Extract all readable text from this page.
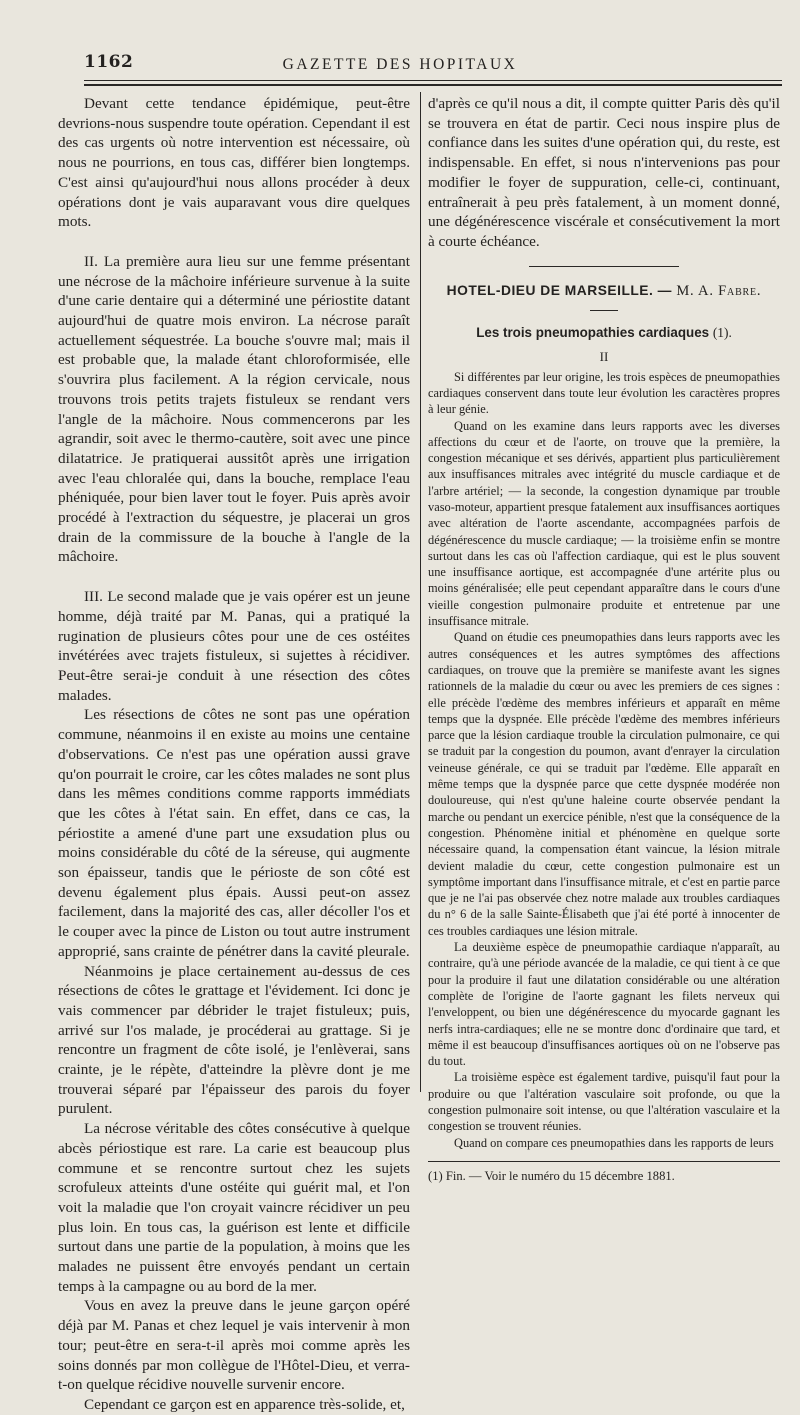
1162	GAZETTE DES HOPITAUX

Devant cette tendance épidémique, peut-être devrions-nous suspendre toute opération. Cependant il est des cas urgents où notre intervention est nécessaire, où nous ne pourrions, en tous cas, différer bien longtemps. C'est ainsi qu'aujourd'hui nous allons procéder à deux opérations dont je vais auparavant vous dire quelques mots.

II. La première aura lieu sur une femme présentant une nécrose de la mâchoire inférieure survenue à la suite d'une carie dentaire qui a déterminé une périostite datant aujourd'hui de quatre mois environ. La nécrose paraît actuellement séquestrée. La bouche s'ouvre mal; mais il est probable que, la malade étant chloroformisée, elle s'ouvrira plus facilement. A la région cervicale, nous trouvons trois petits trajets fistuleux se rendant vers l'angle de la mâchoire. Nous commencerons par les agrandir, soit avec le thermo-cautère, soit avec une pince dilatatrice. Je pratiquerai aussitôt après une irrigation avec l'eau chloralée qui, dans la bouche, remplace l'eau phéniquée, pour bien laver tout le foyer. Puis après avoir procédé à l'extraction du séquestre, je placerai un gros drain de la commissure de la bouche à l'angle de la mâchoire.

III. Le second malade que je vais opérer est un jeune homme, déjà traité par M. Panas, qui a pratiqué la rugination de plusieurs côtes pour une de ces ostéites invétérées avec trajets fistuleux, si sujettes à récidiver. Peut-être serai-je conduit à une résection des côtes malades.

Les résections de côtes ne sont pas une opération commune, néanmoins il en existe au moins une centaine d'observations. Ce n'est pas une opération aussi grave qu'on pourrait le croire, car les côtes malades ne sont plus dans les mêmes conditions comme rapports immédiats que les côtes à l'état sain. En effet, dans ce cas, la périostite a amené d'une part une exsudation plus ou moins considérable du côté de la séreuse, qui augmente son épaisseur, tandis que le périoste de son côté est devenu également plus épais. Aussi peut-on assez facilement, dans la majorité des cas, aller décoller l'os et le couper avec la pince de Liston ou tout autre instrument approprié, sans crainte de pénétrer dans la cavité pleurale.

Néanmoins je place certainement au-dessus de ces résections de côtes le grattage et l'évidement. Ici donc je vais commencer par débrider le trajet fistuleux; puis, arrivé sur l'os malade, je procéderai au grattage. Si je rencontre un fragment de côte isolé, je l'enlèverai, sans crainte, je le répète, d'atteindre la plèvre dont je me trouverai séparé par l'épaisseur des parois du foyer purulent.

La nécrose véritable des côtes consécutive à quelque abcès périostique est rare. La carie est beaucoup plus commune et se rencontre surtout chez les sujets scrofuleux atteints d'une ostéite qui guérit mal, et l'on voit la maladie que l'on croyait vaincre récidiver un peu plus loin. En tous cas, la guérison est lente et difficile surtout dans une partie de la population, à moins que les malades ne puissent être envoyés pendant un certain temps à la campagne ou au bord de la mer.

Vous en avez la preuve dans le jeune garçon opéré déjà par M. Panas et chez lequel je vais intervenir à mon tour; peut-être en sera-t-il après moi comme après les soins donnés par mon collègue de l'Hôtel-Dieu, et verra-t-on quelque récidive nouvelle survenir encore.

Cependant ce garçon est en apparence très-solide, et,

d'après ce qu'il nous a dit, il compte quitter Paris dès qu'il se trouvera en état de partir. Ceci nous inspire plus de confiance dans les suites d'une opération qui, du reste, est indispensable. En effet, si nous n'intervenions pas pour modifier le foyer de suppuration, celle-ci, continuant, entraînerait à peu près fatalement, à un moment donné, une dégénérescence viscérale et consécutivement la mort à courte échéance.

HOTEL-DIEU DE MARSEILLE. — M. A. Fabre.
Les trois pneumopathies cardiaques (1).
II

Si différentes par leur origine, les trois espèces de pneumopathies cardiaques conservent dans toute leur évolution les caractères propres à leur génie.

Quand on les examine dans leurs rapports avec les diverses affections du cœur et de l'aorte, on trouve que la première, la congestion mécanique et ses dérivés, appartient plus particulièrement aux insuffisances mitrales avec intégrité du muscle cardiaque et de l'arbre artériel; — la seconde, la congestion dynamique par trouble vaso-moteur, appartient presque fatalement aux insuffisances aortiques avec altération de l'aorte ascendante, accompagnées parfois de dégénérescence du muscle cardiaque; — la troisième enfin se montre surtout dans les cas où l'affection cardiaque, qui est le plus souvent une insuffisance aortique, est accompagnée d'une artérite plus ou moins généralisée; elle peut cependant apparaître dans le cours d'une vieille congestion pulmonaire produite et entretenue par une insuffisance mitrale.

Quand on étudie ces pneumopathies dans leurs rapports avec les autres conséquences et les autres symptômes des affections cardiaques, on trouve que la première se manifeste avant les signes rationnels de la maladie du cœur ou avec les premiers de ces signes : elle précède l'œdème des membres inférieurs et apparaît en même temps que la dyspnée. Elle précède l'œdème des membres inférieurs parce que la lésion cardiaque trouble la circulation pulmonaire, ce qui se traduit par la congestion du poumon, avant d'enrayer la circulation veineuse générale, ce qui se traduit par l'œdème. Elle apparaît en même temps que la dyspnée parce que cette dyspnée modérée non douloureuse, qui n'est qu'une haleine courte observée pendant la marche ou pendant un exercice pénible, n'est que la conséquence de la congestion. Phénomène initial et phénomène en quelque sorte nécessaire quand, la compensation étant vaincue, la lésion mitrale devient maladie du cœur, cette congestion pulmonaire est un symptôme important dans l'insuffisance mitrale, et c'est en partie parce que je ne l'ai pas observée chez notre malade aux troubles cardiaques du n° 6 de la salle Sainte-Élisabeth que j'ai été porté à innocenter de ces troubles cardiaques une lésion mitrale.

La deuxième espèce de pneumopathie cardiaque n'apparaît, au contraire, qu'à une période avancée de la maladie, ce qui tient à ce que pour la produire il faut une dilatation considérable ou une altération complète de l'origine de l'aorte gagnant les filets nerveux qui l'enveloppent, ou bien une dégénérescence du myocarde gagnant les nerfs intra-cardiaques; elle ne se montre donc d'ordinaire que tard, et même il est beaucoup d'insuffisances aortiques où on ne l'observe pas du tout.

La troisième espèce est également tardive, puisqu'il faut pour la produire ou que l'altération vasculaire soit profonde, ou que la congestion pulmonaire soit intense, ou que l'altération vasculaire et la congestion se trouvent réunies.

Quand on compare ces pneumopathies dans les rapports de leurs

(1) Fin. — Voir le numéro du 15 décembre 1881.
